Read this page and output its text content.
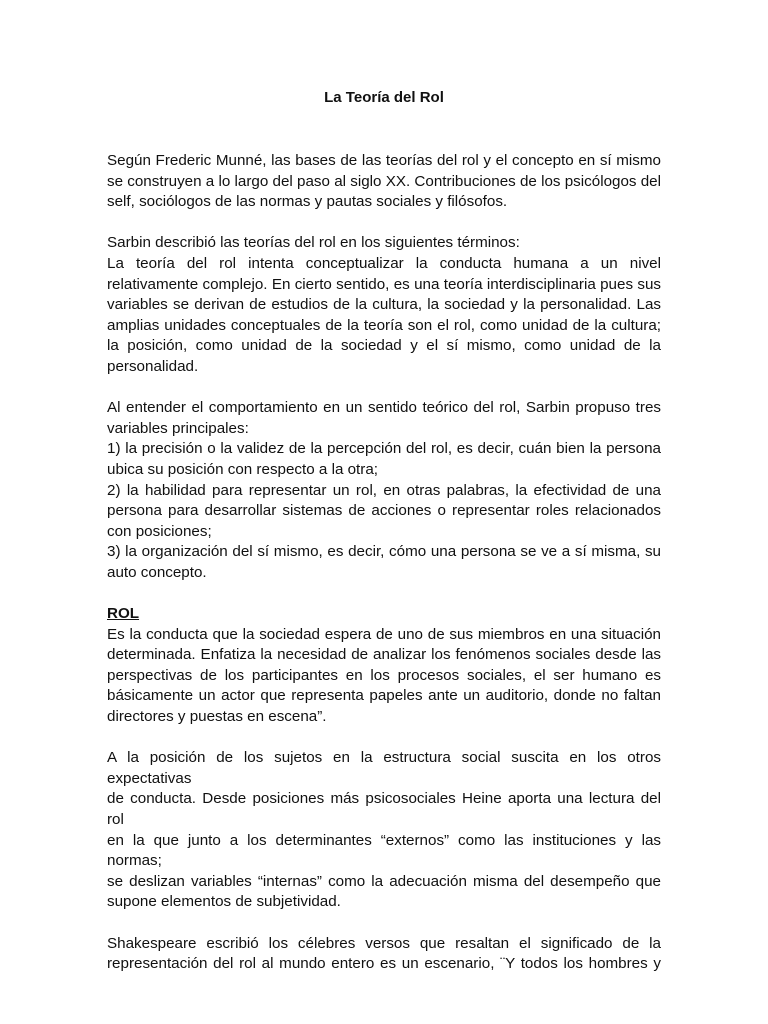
La Teoría del Rol
Según Frederic Munné, las bases de las teorías del rol y el concepto en sí mismo
se construyen a lo largo del paso al siglo XX. Contribuciones de los psicólogos del
self, sociólogos de las normas y pautas sociales y filósofos.
Sarbin describió las teorías del rol en los siguientes términos:
La teoría del rol intenta conceptualizar la conducta humana a un nivel
relativamente complejo. En cierto sentido, es una teoría interdisciplinaria pues sus
variables se derivan de estudios de la cultura, la sociedad y la personalidad. Las
amplias unidades conceptuales de la teoría son el rol, como unidad de la cultura;
la posición, como unidad de la sociedad y el sí mismo, como unidad de la
personalidad.
Al entender el comportamiento en un sentido teórico del rol, Sarbin propuso tres
variables principales:
1) la precisión o la validez de la percepción del rol, es decir, cuán bien la persona
ubica su posición con respecto a la otra;
2) la habilidad para representar un rol, en otras palabras, la efectividad de una
persona para desarrollar sistemas de acciones o representar roles relacionados
con posiciones;
3) la organización del sí mismo, es decir, cómo una persona se ve a sí misma, su
auto concepto.
ROL
Es la conducta que la sociedad espera de uno de sus miembros en una situación
determinada. Enfatiza la necesidad de analizar los fenómenos sociales desde las
perspectivas de los participantes en los procesos sociales, el ser humano es
básicamente un actor que representa papeles ante un auditorio, donde no faltan
directores y puestas en escena”.
A la posición de los sujetos en la estructura social suscita en los otros expectativas
de conducta. Desde posiciones más psicosociales Heine aporta una lectura del rol
en la que junto a los determinantes “externos” como las instituciones y las normas;
se deslizan variables “internas” como la adecuación misma del desempeño que
supone elementos de subjetividad.
Shakespeare escribió los célebres versos que resaltan el significado de la
representación del rol al mundo entero es un escenario, ¨Y todos los hombres y
